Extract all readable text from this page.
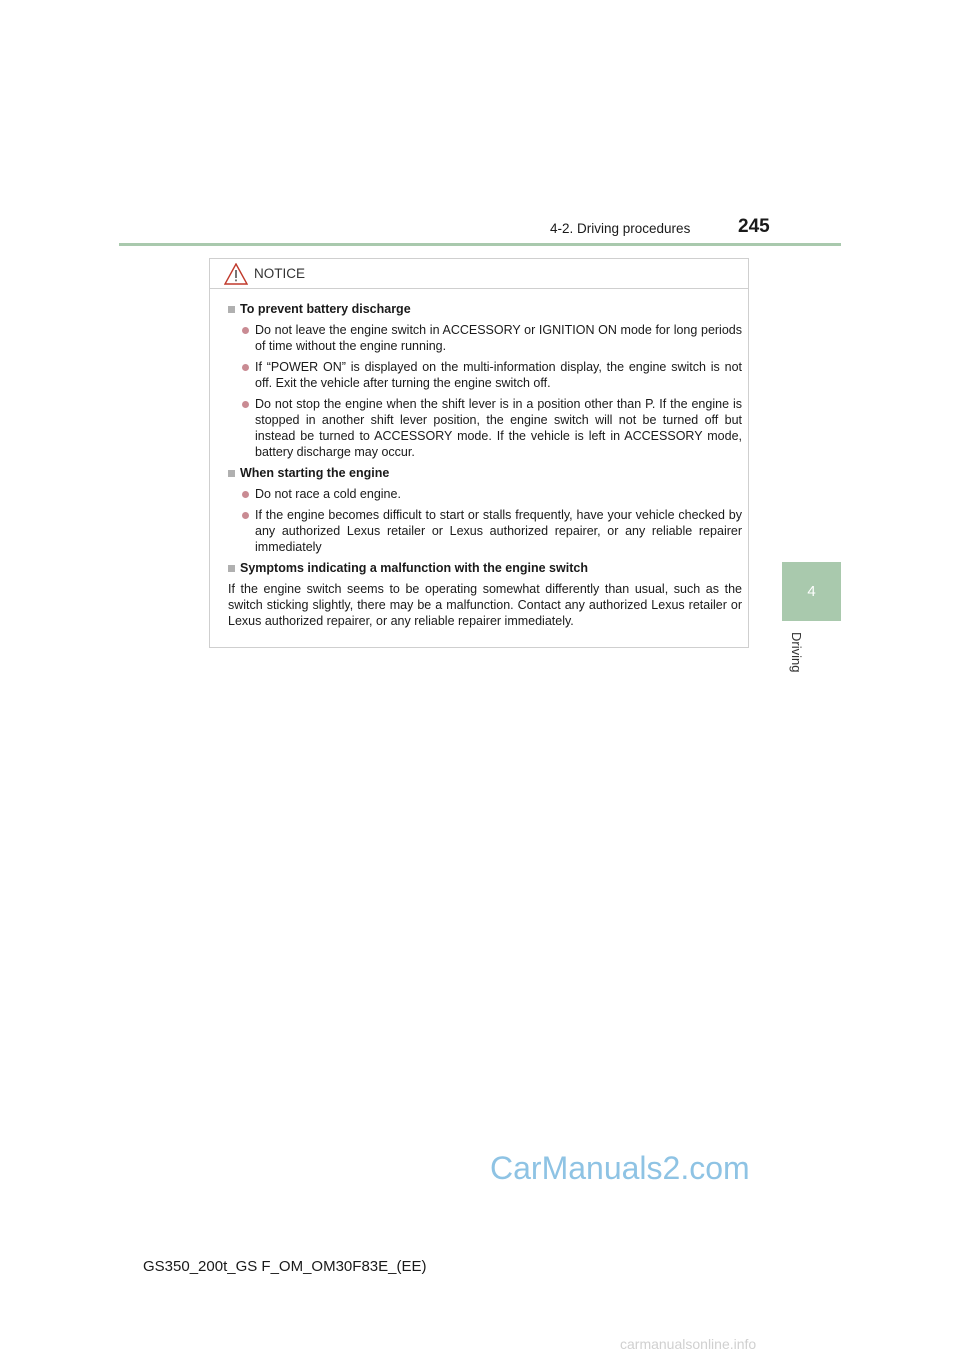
4-2. Driving procedures	245
4
Driving
NOTICE
To prevent battery discharge
Do not leave the engine switch in ACCESSORY or IGNITION ON mode for long periods of time without the engine running.
If “POWER ON” is displayed on the multi-information display, the engine switch is not off. Exit the vehicle after turning the engine switch off.
Do not stop the engine when the shift lever is in a position other than P. If the engine is stopped in another shift lever position, the engine switch will not be turned off but instead be turned to ACCESSORY mode. If the vehicle is left in ACCESSORY mode, battery discharge may occur.
When starting the engine
Do not race a cold engine.
If the engine becomes difficult to start or stalls frequently, have your vehicle checked by any authorized Lexus retailer or Lexus authorized repairer, or any reliable repairer immediately
Symptoms indicating a malfunction with the engine switch
If the engine switch seems to be operating somewhat differently than usual, such as the switch sticking slightly, there may be a malfunction. Contact any authorized Lexus retailer or Lexus authorized repairer, or any reliable repairer immediately.
CarManuals2.com
GS350_200t_GS F_OM_OM30F83E_(EE)
carmanualsonline.info
